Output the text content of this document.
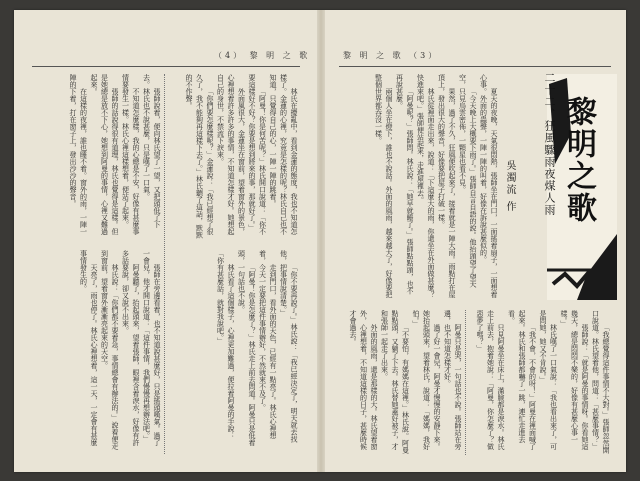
（4） 黎 明 之 歌

林氏在擾亂中，看到金蓮的態度，我也不知道怎樣了。金蓮的心裡，究竟是怎樣的呢？林氏自己也不知道，只覺得自己的心，一陣一陣的跳着。

「阿曼！你是何苦呢？」林氏開口說道：「你不要這樣好不好？你要是想到將來的事，那就好了。」

外面風很大，金蓮坐在窗前，望着窗外的景色，心裡想着許多許多的事情，不知道怎樣才好。她想起自己的身世，不禁流下淚來。

「你們要怎麼樣呢？」金蓮說：「我已經想了很久了，我不能夠再這樣下去了。」林氏聽了這話，默默的不作聲。

張師說着，便向林氏望了一望，又把頭低了下去。林氏也不說甚麼，只是嘆了一口氣。

不知道怎麼樣，我的心總是不安，好像有甚麼事情要發生一樣。林氏心裡這樣想着，便站了起來。

張師的話說得很有道理，林氏也覺得是這樣。但是她總是放不下心，她想到阿曼的事情，心裡又難過起來。

在這樣的夜裡，誰也睡不着。窗外的雨，一陣一陣的下着，打在窗子上，發出沙沙的聲音。

「你不要再說了。」林氏說：「我已經決定了，明天就去找他，把事情說清楚。」

走到門口，看外面的天色，已經有一點亮了。林氏心裡想着，今天一定要把這件事情辦好，不然就來不及了。

「阿曼！你是怎麼了？」林氏走上前去問道。阿曼只是低着頭，一句話也不說。

林氏看了這個樣子，心裡更加難過，便拉着阿曼的手說：「你有甚麼話，就對我說吧。」

張師在旁邊看着，也不知道說甚麼好，只是搖頭嘆氣。過了一會兒，他才開口說道：「這件事情，我們慢慢再想辦法吧。」

阿曼聽了，抬起頭來，望着張師，眼裡含着淚水，好像有許多話要說，卻又說不出來。

林氏說：「你們都不要着急，事情總會有辦法的。」說着便走到窗前，望着窗外漸漸亮起來的天空。

天亮了，雨也停了。林氏心裡想着，這一天，一定會有甚麼事情發生的。

黎 明 之 歌 （3）
黎明之歌
二十二、狂風驟雨夜煤人雨
吳濁流 作

夏天的夜晚，天氣很悶熱，張師坐在門口，一面搖着扇子，一面想着心事。外面的蟲聲，一陣一陣的叫着，好像在訴說甚麼似的。

「今天晚上大概要下雨了。」張師自言自語的說。他抬頭望了望天空，只見烏雲密佈，一顆星也看不見。

果然，過了不久，狂風便吹起來了，接着就是一陣大雨。雨點打在屋頂上，發出很大的聲音，好像要把屋子打破一樣。

林氏從裡面走出來，說道：「下這麼大的雨，你還坐在外面做甚麼？快進來吧。」張師便站起來，走進屋裡去。

「阿曼呢？」張師問。林氏說：「她早就睡了。」張師點點頭，也不再說甚麼。

兩個人坐在燈下，誰也不說話。外面的風雨，越來越大了，好像要把整個世界都吞沒一樣。

「我總覺得這件事情不大對。」張師忽然開口說道。林氏望着他，問道：「甚麼事情？」

張師說：「就是阿曼的事情呀。你看她這幾天，總是悶悶不樂的，好像有甚麼心事一樣。」

林氏嘆了一口氣說：「我也看出來了，可是問她，她又不肯說。」

「我不會，不會的呀！」阿曼在裡面喊了起來。林氏和張師都嚇了一跳，連忙走進去看。

只見阿曼坐在床上，滿臉都是淚水。林氏走上前去，抱着她說：「阿曼，你怎麼了？做惡夢了嗎？」

阿曼只是哭，一句話也不說。張師站在旁邊，也不知道怎樣才好。

過了好一會兒，阿曼才慢慢的安靜下來。她抬起頭來，望着林氏，說道：「媽媽，我好怕。」

「不要怕，有媽媽在這裡。」林氏說。阿曼點點頭，又躺了下去。林氏替她蓋好被子，才和張師一起走了出來。

外面的風雨，還是那樣的大。林氏望着窗外，心裡想着，不知道這樣的日子，甚麼時候才會過去。
